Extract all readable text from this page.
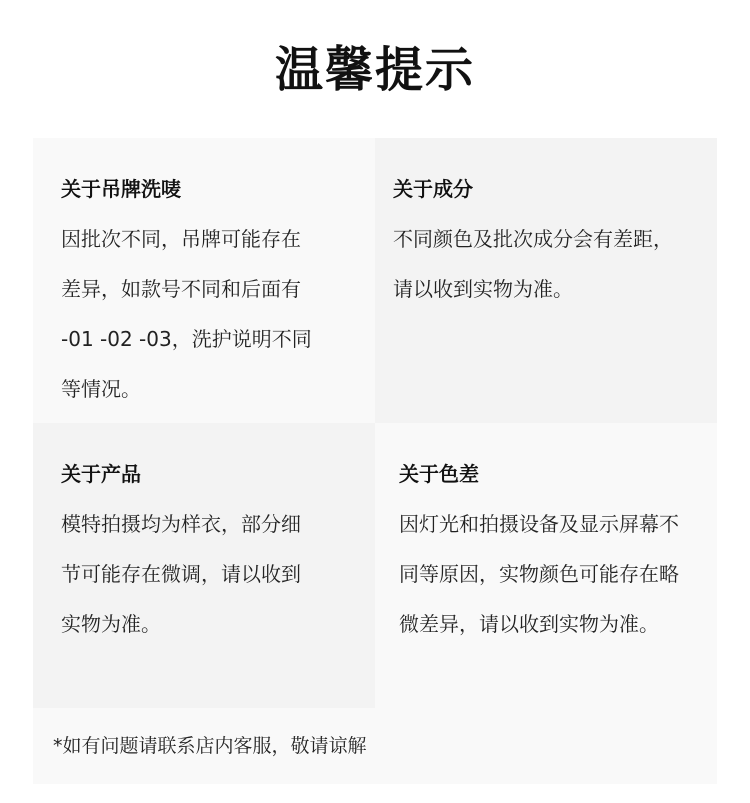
温馨提示
关于吊牌洗唛
因批次不同，吊牌可能存在
差异，如款号不同和后面有
-01 -02 -03，洗护说明不同
等情况。
关于成分
不同颜色及批次成分会有差距，
请以收到实物为准。
关于产品
模特拍摄均为样衣，部分细
节可能存在微调，请以收到
实物为准。
关于色差
因灯光和拍摄设备及显示屏幕不
同等原因，实物颜色可能存在略
微差异，请以收到实物为准。
*如有问题请联系店内客服，敬请谅解
